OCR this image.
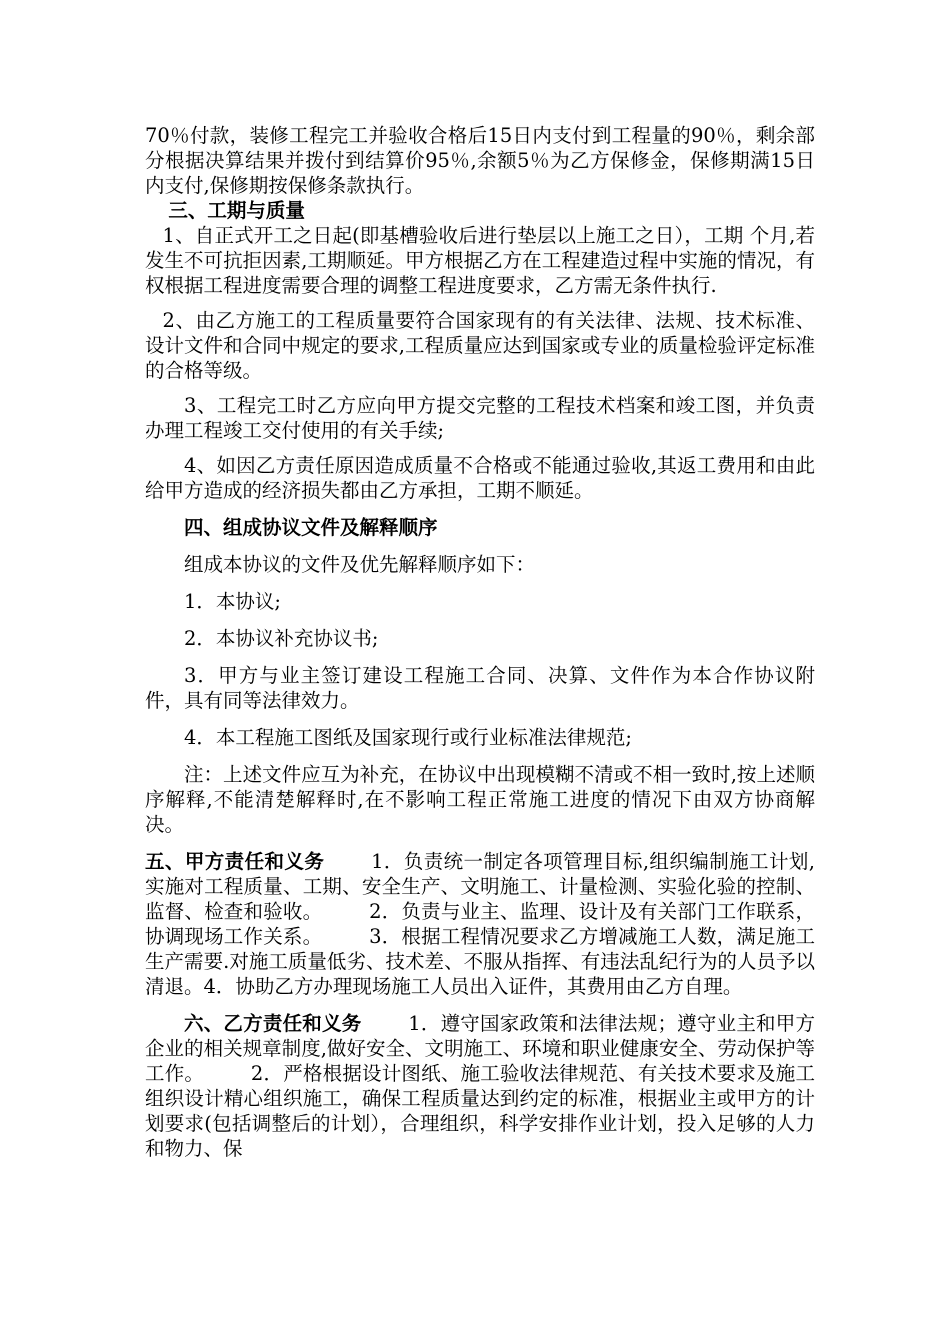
70％付款，装修工程完工并验收合格后15日内支付到工程量的90％，剩余部分根据决算结果并拨付到结算价95％,余额5％为乙方保修金，保修期满15日内支付,保修期按保修条款执行。

三、工期与质量

1、自正式开工之日起(即基槽验收后进行垫层以上施工之日），工期 个月,若发生不可抗拒因素,工期顺延。甲方根据乙方在工程建造过程中实施的情况，有权根据工程进度需要合理的调整工程进度要求，乙方需无条件执行.

2、由乙方施工的工程质量要符合国家现有的有关法律、法规、技术标准、设计文件和合同中规定的要求,工程质量应达到国家或专业的质量检验评定标准的合格等级。

3、工程完工时乙方应向甲方提交完整的工程技术档案和竣工图，并负责办理工程竣工交付使用的有关手续;

4、如因乙方责任原因造成质量不合格或不能通过验收,其返工费用和由此给甲方造成的经济损失都由乙方承担，工期不顺延。

四、组成协议文件及解释顺序

组成本协议的文件及优先解释顺序如下：

1．本协议;

2．本协议补充协议书;

3．甲方与业主签订建设工程施工合同、决算、文件作为本合作协议附件，具有同等法律效力。

4．本工程施工图纸及国家现行或行业标准法律规范;

注：上述文件应互为补充，在协议中出现模糊不清或不相一致时,按上述顺序解释,不能清楚解释时,在不影响工程正常施工进度的情况下由双方协商解决。

五、甲方责任和义务 1．负责统一制定各项管理目标,组织编制施工计划,实施对工程质量、工期、安全生产、文明施工、计量检测、实验化验的控制、监督、检查和验收。 2．负责与业主、监理、设计及有关部门工作联系，协调现场工作关系。 3．根据工程情况要求乙方增减施工人数，满足施工生产需要.对施工质量低劣、技术差、不服从指挥、有违法乱纪行为的人员予以清退。4．协助乙方办理现场施工人员出入证件，其费用由乙方自理。

六、乙方责任和义务 1．遵守国家政策和法律法规；遵守业主和甲方企业的相关规章制度,做好安全、文明施工、环境和职业健康安全、劳动保护等工作。 2．严格根据设计图纸、施工验收法律规范、有关技术要求及施工组织设计精心组织施工，确保工程质量达到约定的标准，根据业主或甲方的计划要求(包括调整后的计划），合理组织，科学安排作业计划，投入足够的人力和物力、保
